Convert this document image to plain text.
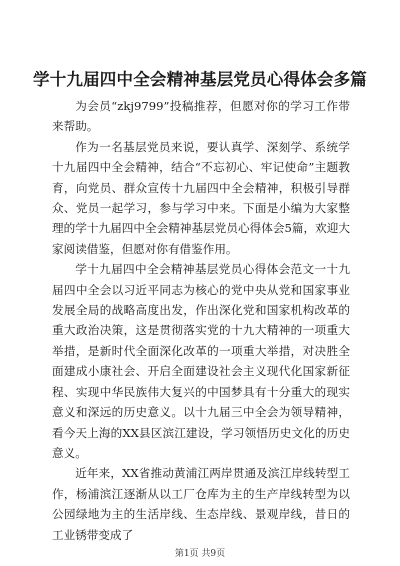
学十九届四中全会精神基层党员心得体会多篇

为会员“zkj9799”投稿推荐，但愿对你的学习工作带来帮助。

作为一名基层党员来说，要认真学、深刻学、系统学十九届四中全会精神，结合“不忘初心、牢记使命”主题教育，向党员、群众宣传十九届四中全会精神，积极引导群众、党员一起学习，参与学习中来。下面是小编为大家整理的学十九届四中全会精神基层党员心得体会5篇，欢迎大家阅读借鉴，但愿对你有借鉴作用。

学十九届四中全会精神基层党员心得体会范文一十九届四中全会以习近平同志为核心的党中央从党和国家事业发展全局的战略高度出发，作出深化党和国家机构改革的重大政治决策，这是贯彻落实党的十九大精神的一项重大举措，是新时代全面深化改革的一项重大举措，对决胜全面建成小康社会、开启全面建设社会主义现代化国家新征程、实现中华民族伟大复兴的中国梦具有十分重大的现实意义和深远的历史意义。以十九届三中全会为领导精神，看今天上海的XX县区滨江建设，学习领悟历史文化的历史意义。

近年来，XX省推动黄浦江两岸贯通及滨江岸线转型工作，杨浦滨江逐渐从以工厂仓库为主的生产岸线转型为以公园绿地为主的生活岸线、生态岸线、景观岸线，昔日的工业锈带变成了

第1页 共9页
